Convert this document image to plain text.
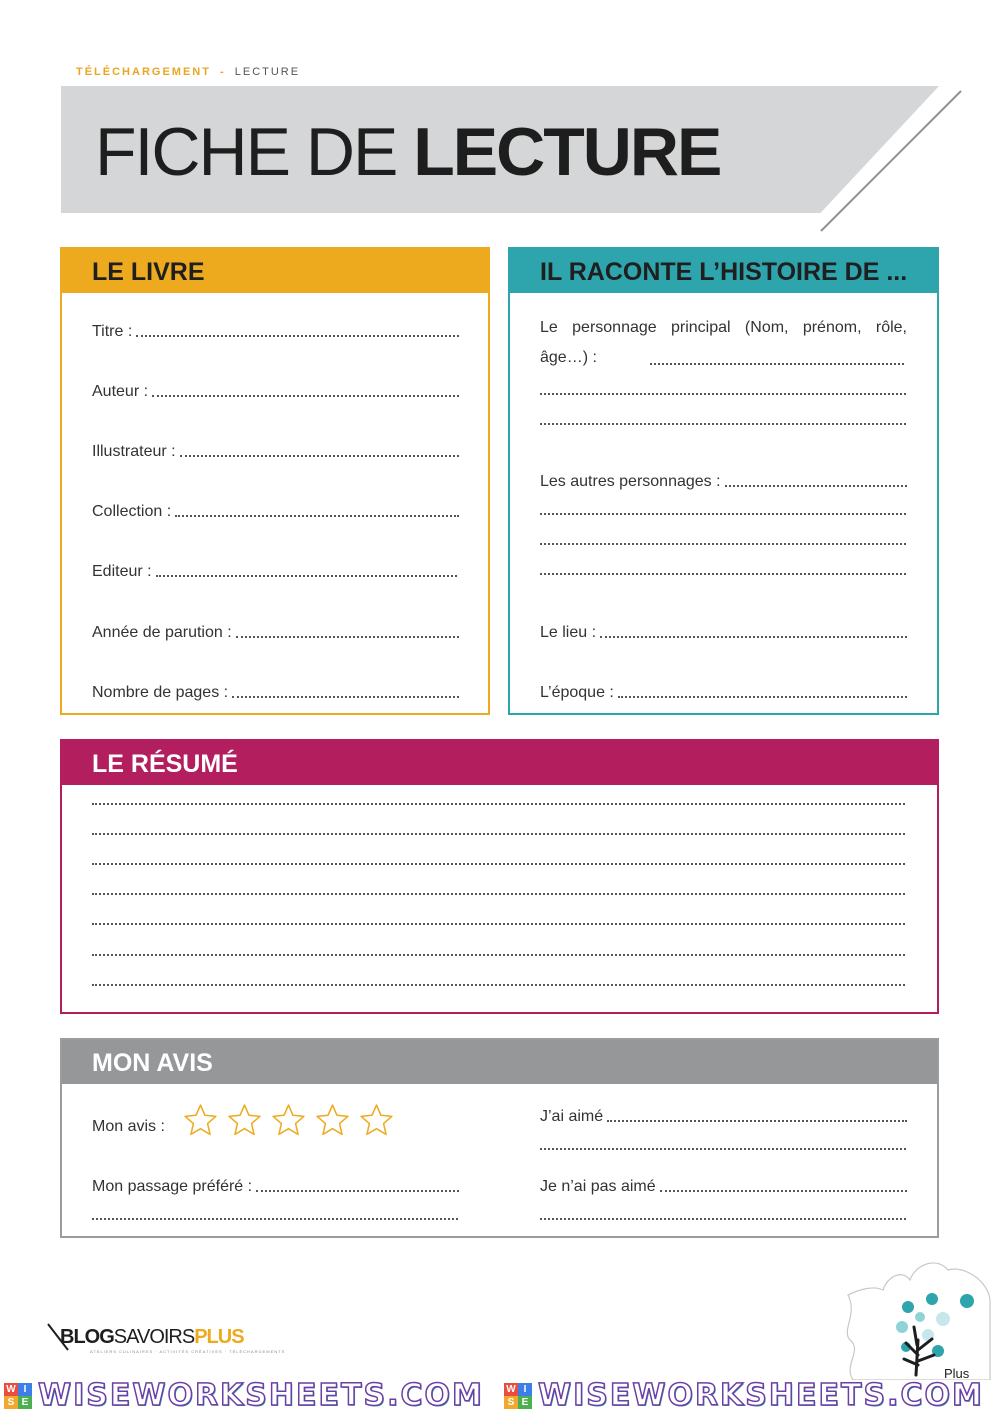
TÉLÉCHARGEMENT - LECTURE
FICHE DE LECTURE
LE LIVRE
Titre :
Auteur :
Illustrateur :
Collection :
Editeur :
Année de parution :
Nombre de pages :
IL RACONTE L’HISTOIRE DE ...
Le personnage principal (Nom, prénom, rôle, âge…) :
Les autres personnages :
Le lieu :
L’époque :
LE RÉSUMÉ
MON AVIS
Mon avis :
Mon passage préféré :
J’ai aimé
Je n’ai pas aimé
BLOGSAVOIRSPLUS
ATELIERS CULINAIRES · ACTIVITÉS CRÉATIVES · TÉLÉCHARGEMENTS
Plus
W I
S E WISEWORKSHEETS.COM W I
S E WISEWORKSHEETS.COM
